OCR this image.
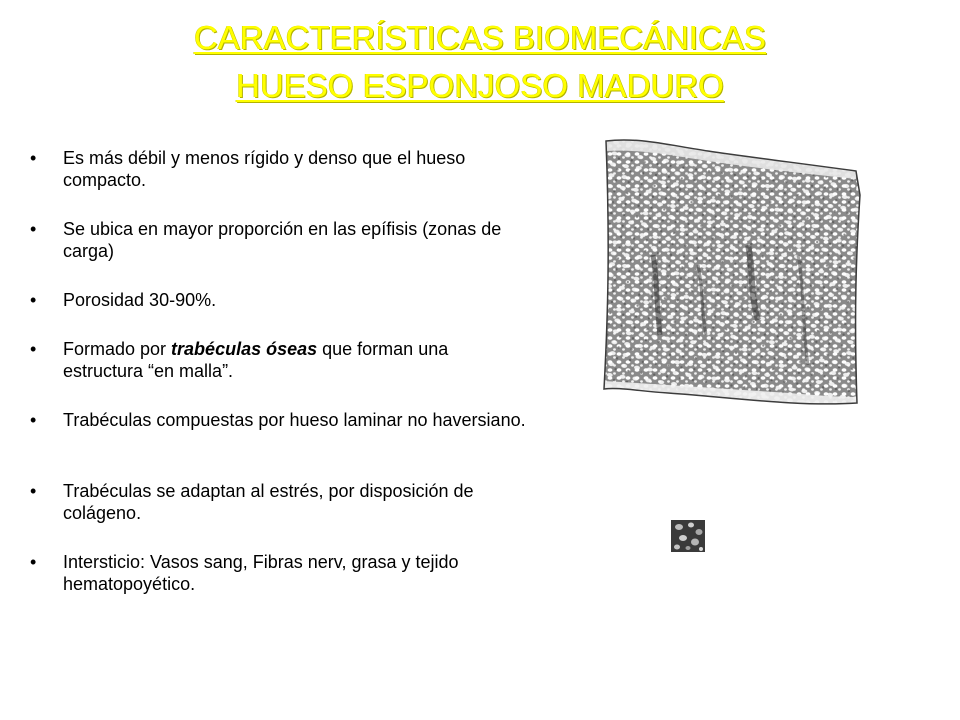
CARACTERÍSTICAS BIOMECÁNICAS
HUESO ESPONJOSO MADURO
• Es más débil y menos rígido y denso que el hueso compacto.
• Se ubica en mayor proporción en las epífisis (zonas de carga)
• Porosidad 30-90%.
• Formado por trabéculas óseas que forman una estructura “en malla”.
• Trabéculas compuestas por hueso laminar no haversiano.
• Trabéculas se adaptan al estrés, por disposición de colágeno.
• Intersticio: Vasos sang, Fibras nerv, grasa y tejido hematopoyético.
